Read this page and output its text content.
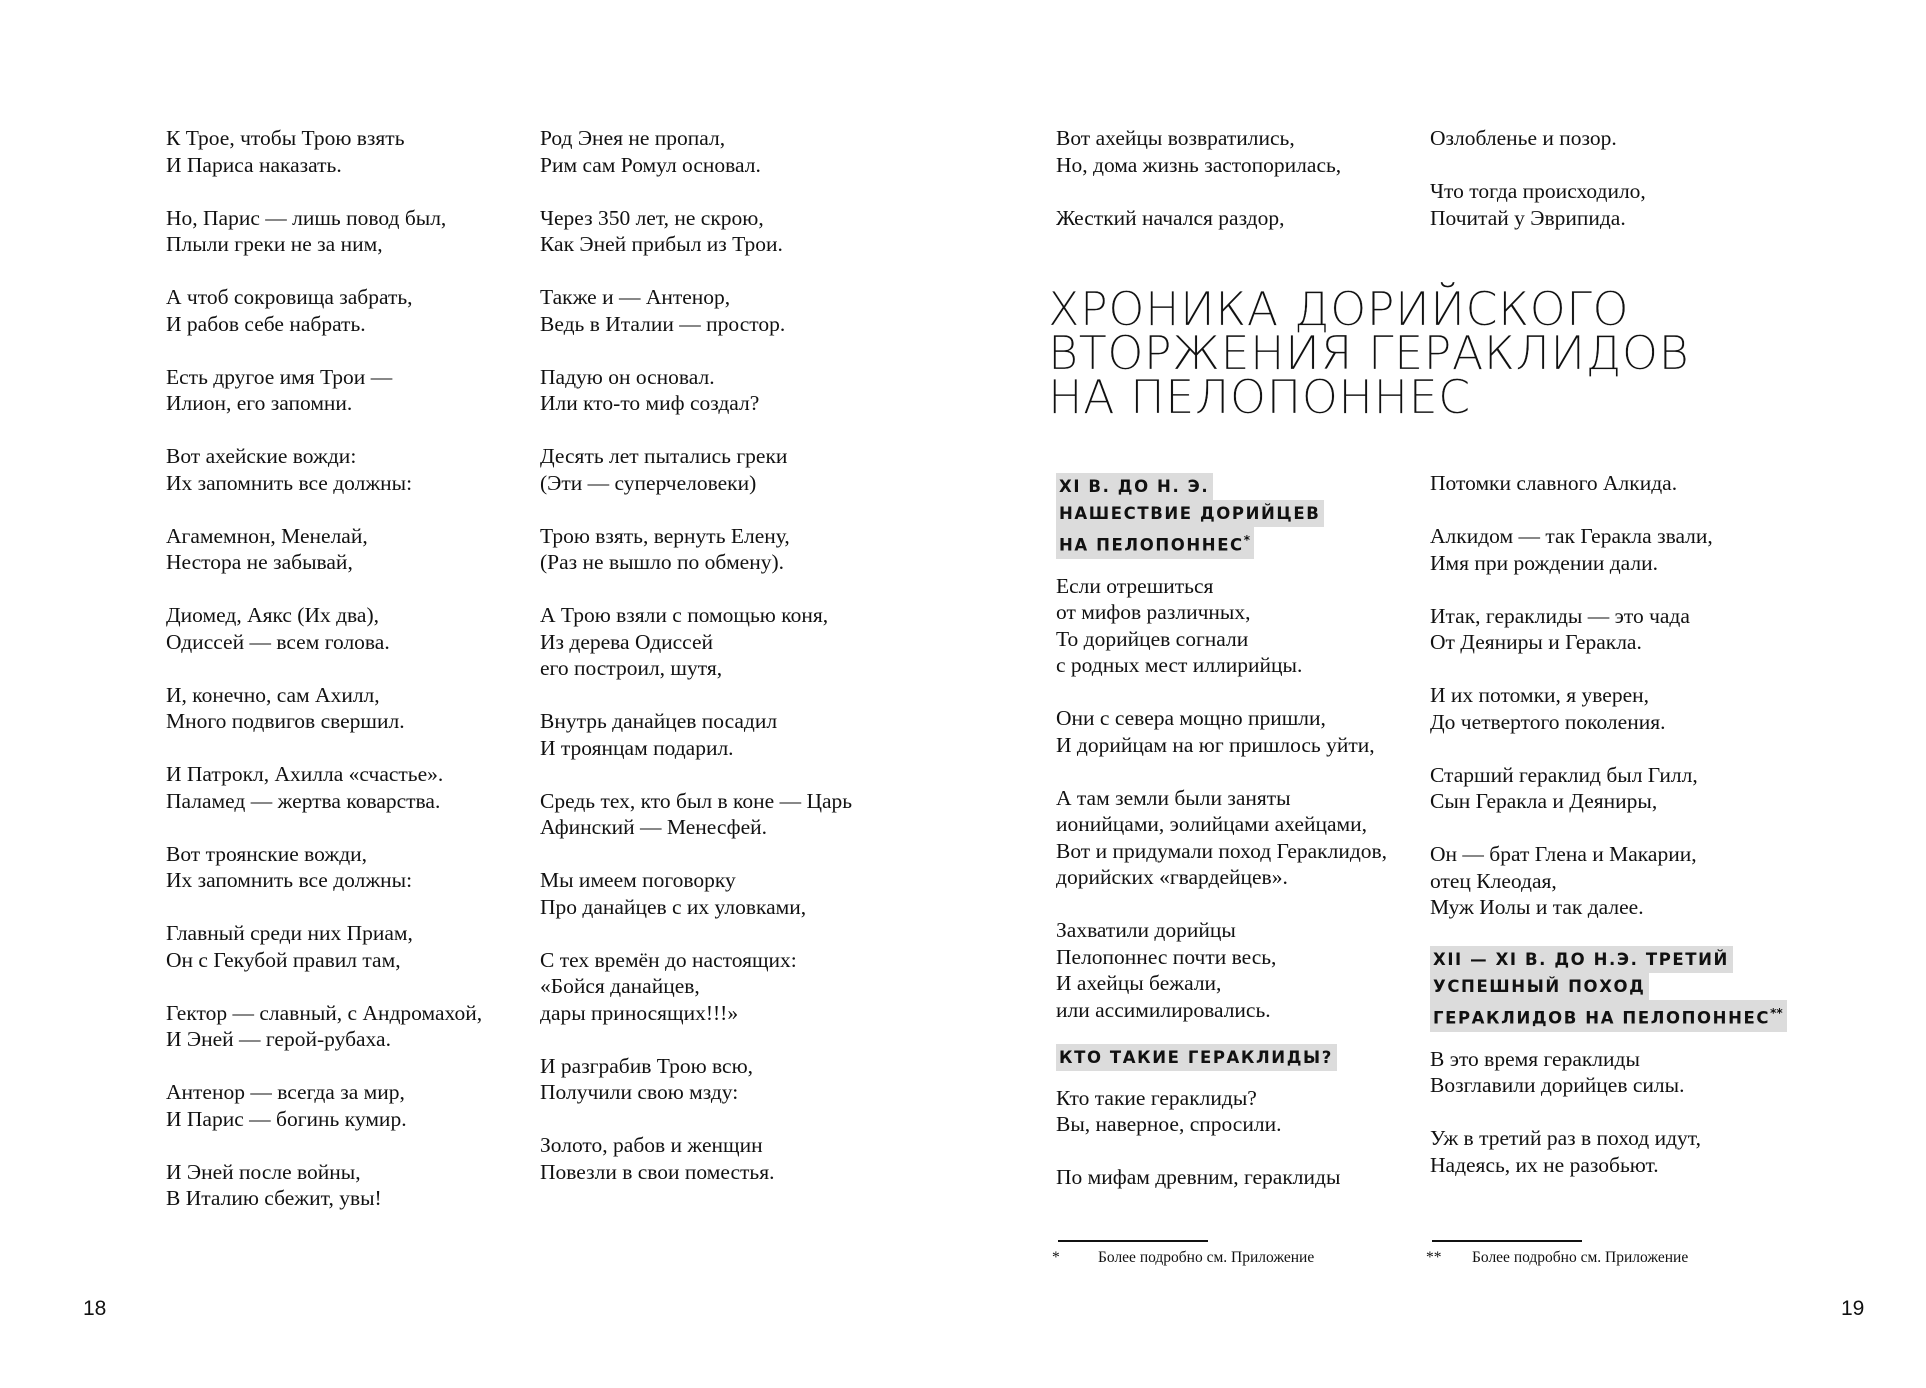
К Трое, чтобы Трою взять
И Париса наказать.
Но, Парис — лишь повод был,
Плыли греки не за ним,
А чтоб сокровища забрать,
И рабов себе набрать.
Есть другое имя Трои —
Илион, его запомни.
Вот ахейские вожди:
Их запомнить все должны:
Агамемнон, Менелай,
Нестора не забывай,
Диомед, Аякс (Их два),
Одиссей — всем голова.
И, конечно, сам Ахилл,
Много подвигов свершил.
И Патрокл, Ахилла «счастье».
Паламед — жертва коварства.
Вот троянские вожди,
Их запомнить все должны:
Главный среди них Приам,
Он с Гекубой правил там,
Гектор — славный, с Андромахой,
И Эней — герой-рубаха.
Антенор — всегда за мир,
И Парис — богинь кумир.
И Эней после войны,
В Италию сбежит, увы!
Род Энея не пропал,
Рим сам Ромул основал.
Через 350 лет, не скрою,
Как Эней прибыл из Трои.
Также и — Антенор,
Ведь в Италии — простор.
Падую он основал.
Или кто-то миф создал?
Десять лет пытались греки
(Эти — суперчеловеки)
Трою взять, вернуть Елену,
(Раз не вышло по обмену).
А Трою взяли с помощью коня,
Из дерева Одиссей
его построил, шутя,
Внутрь данайцев посадил
И троянцам подарил.
Средь тех, кто был в коне — Царь
Афинский — Менесфей.
Мы имеем поговорку
Про данайцев с их уловками,
С тех времён до настоящих:
«Бойся данайцев,
дары приносящих!!!»
И разграбив Трою всю,
Получили свою мзду:
Золото, рабов и женщин
Повезли в свои поместья.
18
Вот ахейцы возвратились,
Но, дома жизнь застопорилась,
Жесткий начался раздор,
Озлобленье и позор.
Что тогда происходило,
Почитай у Эврипида.
ХРОНИКА ДОРИЙСКОГО
ВТОРЖЕНИЯ ГЕРАКЛИДОВ
НА ПЕЛОПОННЕС
XI В. ДО Н. Э.
НАШЕСТВИЕ ДОРИЙЦЕВ
НА ПЕЛОПОННЕС*
Если отрешиться
от мифов различных,
То дорийцев согнали
с родных мест иллирийцы.
Они с севера мощно пришли,
И дорийцам на юг пришлось уйти,
А там земли были заняты
ионийцами, эолийцами ахейцами,
Вот и придумали поход Гераклидов,
дорийских «гвардейцев».
Захватили дорийцы
Пелопоннес почти весь,
И ахейцы бежали,
или ассимилировались.
КТО ТАКИЕ ГЕРАКЛИДЫ?
Кто такие гераклиды?
Вы, наверное, спросили.
По мифам древним, гераклиды
Потомки славного Алкида.
Алкидом — так Геракла звали,
Имя при рождении дали.
Итак, гераклиды — это чада
От Деяниры и Геракла.
И их потомки, я уверен,
До четвертого поколения.
Старший гераклид был Гилл,
Сын Геракла и Деяниры,
Он — брат Глена и Макарии,
отец Клеодая,
Муж Иолы и так далее.
XII — XI В. ДО Н.Э. ТРЕТИЙ
УСПЕШНЫЙ ПОХОД
ГЕРАКЛИДОВ НА ПЕЛОПОННЕС**
В это время гераклиды
Возглавили дорийцев силы.
Уж в третий раз в поход идут,
Надеясь, их не разобьют.
* Более подробно см. Приложение	** Более подробно см. Приложение
19
